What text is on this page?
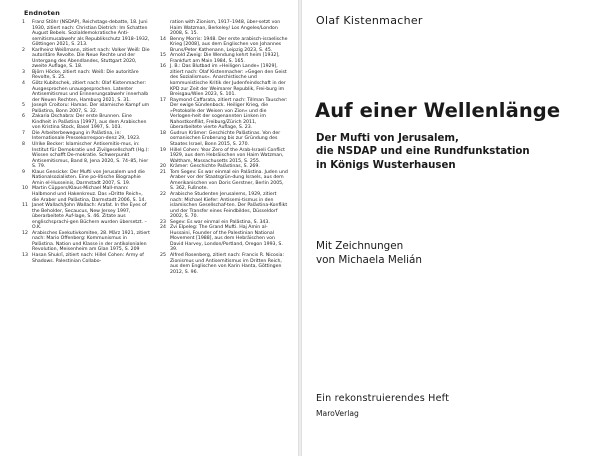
Endnoten
1	Franz Stöhr (NSDAP), Reichstags-debatte, 18. Juni 1930, zitiert nach: Christian Dietrich: Im Schatten August Bebels. Sozialdemokratische Anti-semitismusabwehr als Republikschutz 1918–1932, Göttingen 2021, S. 213.
2	Karlheinz Weißmann, zitiert nach: Volker Weiß: Die autoritäre Revolte. Die Neue Rechte und der Untergang des Abendlandes, Stuttgart 2020, zweite Auflage, S. 18.
3	Björn Höcke, zitiert nach: Weiß: Die autoritäre Revolte, S. 25.
4	Götz Kubitschek, zitiert nach: Olaf Kistenmacher: Ausgesprochen unausgesprochen. Latenter Antisemitismus und Erinnerungsabwehr innerhalb der Neuen Rechten, Hamburg 2021, S. 31.
5	Joseph Croitoru: Hamas. Der islamische Kampf um Palästina, Bonn 2007, S. 32.
6	Zakaria Dschabra: Der erste Brunnen. Eine Kindheit in Palästina [1997], aus dem Arabischen von Kristina Stock, Basel 1997, S. 103.
7	Die Arbeiterbewegung in Palästina, in: Internationale Pressekorrespon-denz 29, 1923.
8	Ulrike Becker: Islamischer Antisemitis-mus, in: Institut für Demokratie und Zivilgesellschaft (Hg.): Wissen schafft De-mokratie. Schwerpunkt Antisemitismus, Band 8, Jena 2020, S. 74–85, hier S. 79.
9	Klaus Gensicke: Der Mufti von Jerusalem und die Nationalsozialisten. Eine po-litische Biographie Amin el-Husseinis, Darmstadt 2007, S. 19.
10 Martin Cüppers/Klaus-Michael Mall-mann: Halbmond und Hakenkreuz. Das »Dritte Reich«, die Araber und Palästina, Darmstadt 2006, S. 14.
11 Janet Wallach/John Wallach: Arafat. In the Eyes of the Beholder, Secaucus, New Jersey 1997, überarbeitete Auf-lage, S. 46. Zitate aus englischsprachi-gen Büchern wurden übersetzt. – O.K.
12 Arabisches Exekutivkomitee, 28. März 1921, zitiert nach: Mario Offenberg: Kommunismus in Palästina. Nation und Klasse in der antikolonialen Revolution, Meisenheim am Glan 1975, S. 209
13 Hasan Shukrī, zitiert nach: Hillel Cohen: Army of Shadows. Palestinian Collabo-
ration with Zionism, 1917–1948, über-setzt von Haim Watzman, Berkeley/ Los Angeles/London 2008, S. 15.
14 Benny Morris: 1948. Der erste arabisch-israelische Krieg [2008], aus dem Englischen von Johannes Bruns/Peter Kathenann, Leipzig 2023, S. 45.
15 Arnold Zweig: Die Wendung kehrt heim [1932], Frankfurt am Main 1984, S. 165.
16 J. B.: Das Blutbad im »Heiligen Lande« [1929], zitiert nach: Olaf Kistenmacher: »Gegen den Geist des Sozialismus«. Anarchistische und kommunistische Kritik der Judenfeindschaft in der KPD zur Zeit der Weimarer Republik, Frei-burg im Breisgau/Wien 2023, S. 101.
17 Raymond Caffarata, zitiert nach: Tillman Tauscher: Der ewige Sündenbock. Heiliger Krieg, die »Protokolle der Weisen von Zion« und die Verlogen-heit der sogenannten Linken im Nahostkonflikt, Freiburg/Zürich 2011, überarbeitete vierte Auflage, S. 23.
18 Gudrun Krämer: Geschichte Palästinas. Von der osmanischen Eroberung bis zur Gründung des Staates Israel, Bonn 2015, S. 270.
19 Hillel Cohen: Year Zero of the Arab-Israeli Conflict 1929, aus dem Hebräischen von Haim Watzman, Waltham, Massachusetts 2015, S. 255.
20 Krämer: Geschichte Palästinas, S. 269.
21 Tom Segev: Es war einmal ein Palästina. Juden und Araber vor der Staatsgrün-dung Israels, aus dem Amerikanischen von Doris Gerstner, Berlin 2005, S. 362, Fußnote.
22 Arabische Studenten Jerusalems, 1929, zitiert nach: Michael Kiefer: Antisemi-tismus in den islamischen Gesellschaf-ten. Der Palästina-Konflikt und der Transfer eines Feindbildes, Düsseldorf 2002, S. 70.
23 Segev: Es war einmal ein Palästina, S. 343.
24 Zvi Elpeleg: The Grand Mufti. Haj Amin al-Hussaini, Founder of the Palestinian National Movement [1988], aus dem Hebräischen von David Harvey, London/Portland, Oregon 1993, S. 39.
25 Alfred Rosenberg, zitiert nach: Francis R. Nicosia: Zionismus und Antisemitismus im Dritten Reich, aus dem Englischen von Karin Hanta, Göttingen 2012, S. 96.
Olaf Kistenmacher
Auf einer Wellenlänge
Der Mufti von Jerusalem,
die NSDAP und eine Rundfunkstation
in Königs Wusterhausen
Mit Zeichnungen
von Michaela Melián
Ein rekonstruierendes Heft
MaroVerlag
